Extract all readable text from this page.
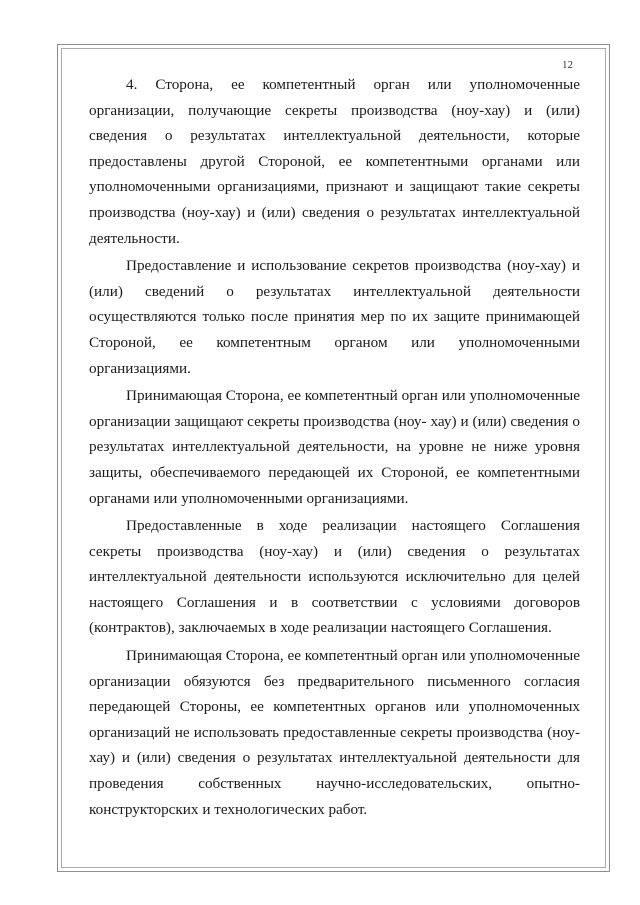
12

4. Сторона, ее компетентный орган или уполномоченные организации, получающие секреты производства (ноу-хау) и (или) сведения о результатах интеллектуальной деятельности, которые предоставлены другой Стороной, ее компетентными органами или уполномоченными организациями, признают и защищают такие секреты производства (ноу-хау) и (или) сведения о результатах интеллектуальной деятельности.

Предоставление и использование секретов производства (ноу-хау) и (или) сведений о результатах интеллектуальной деятельности осуществляются только после принятия мер по их защите принимающей Стороной, ее компетентным органом или уполномоченными организациями.

Принимающая Сторона, ее компетентный орган или уполномоченные организации защищают секреты производства (ноу- хау) и (или) сведения о результатах интеллектуальной деятельности, на уровне не ниже уровня защиты, обеспечиваемого передающей их Стороной, ее компетентными органами или уполномоченными организациями.

Предоставленные в ходе реализации настоящего Соглашения секреты производства (ноу-хау) и (или) сведения о результатах интеллектуальной деятельности используются исключительно для целей настоящего Соглашения и в соответствии с условиями договоров (контрактов), заключаемых в ходе реализации настоящего Соглашения.

Принимающая Сторона, ее компетентный орган или уполномоченные организации обязуются без предварительного письменного согласия передающей Стороны, ее компетентных органов или уполномоченных организаций не использовать предоставленные секреты производства (ноу-хау) и (или) сведения о результатах интеллектуальной деятельности для проведения собственных научно-исследовательских, опытно-конструкторских и технологических работ.
